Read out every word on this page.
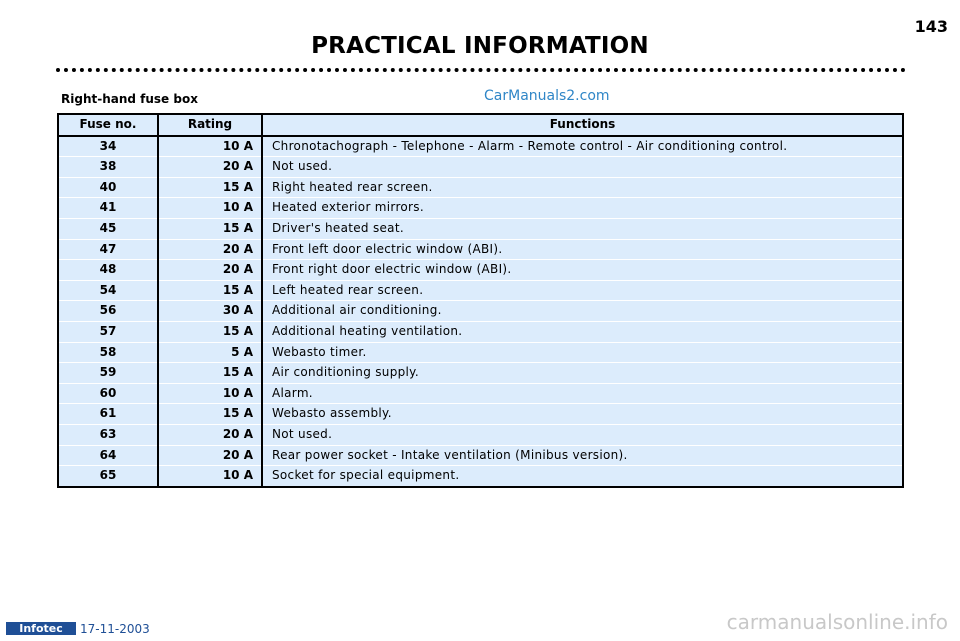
143
PRACTICAL INFORMATION
Right-hand fuse box	CarManuals2.com
Fuse no.	Rating	Functions
34	10 A	Chronotachograph - Telephone - Alarm - Remote control - Air conditioning control.
38	20 A	Not used.
40	15 A	Right heated rear screen.
41	10 A	Heated exterior mirrors.
45	15 A	Driver's heated seat.
47	20 A	Front left door electric window (ABI).
48	20 A	Front right door electric window (ABI).
54	15 A	Left heated rear screen.
56	30 A	Additional air conditioning.
57	15 A	Additional heating ventilation.
58	5 A	Webasto timer.
59	15 A	Air conditioning supply.
60	10 A	Alarm.
61	15 A	Webasto assembly.
63	20 A	Not used.
64	20 A	Rear power socket - Intake ventilation (Minibus version).
65	10 A	Socket for special equipment.
Infotec	17-11-2003	carmanualsonline.info
